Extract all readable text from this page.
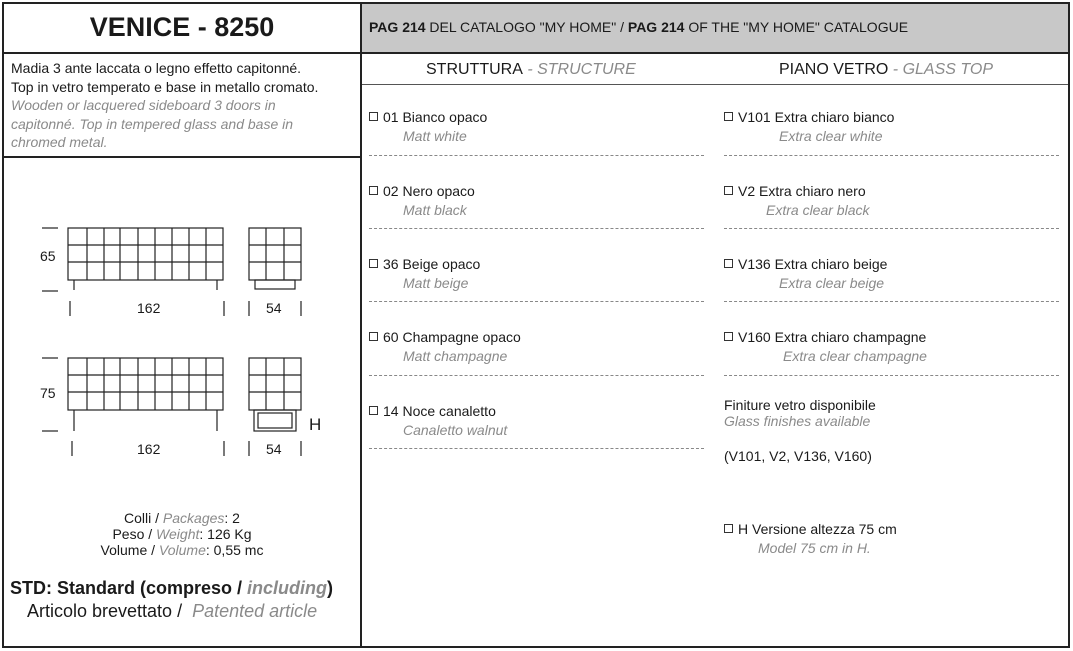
VENICE - 8250	PAG 214 DEL CATALOGO "MY HOME" / PAG 214 OF THE "MY HOME" CATALOGUE
Madia 3 ante laccata o legno effetto capitonné.
Top in vetro temperato e base in metallo cromato.
Wooden or lacquered sideboard 3 doors in capitonné. Top in tempered glass and base in chromed metal.
STRUTTURA - STRUCTURE	PIANO VETRO - GLASS TOP
01 Bianco opaco
Matt white
02 Nero opaco
Matt black
36 Beige opaco
Matt beige
60 Champagne opaco
Matt champagne
14 Noce canaletto
Canaletto walnut
V101 Extra chiaro bianco
Extra clear white
V2 Extra chiaro nero
Extra clear black
V136 Extra chiaro beige
Extra clear beige
V160 Extra chiaro champagne
Extra clear champagne
Finiture vetro disponibile
Glass finishes available
(V101, V2, V136, V160)
H Versione altezza 75 cm
Model 75 cm in H.
65
162	54
75
162	54
H
Colli / Packages: 2
Peso / Weight: 126 Kg
Volume / Volume: 0,55 mc
STD: Standard (compreso / including)
Articolo brevettato /  Patented article
